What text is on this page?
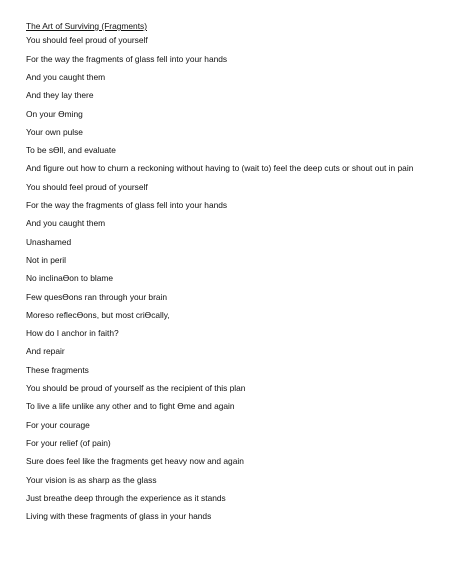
The Art of Surviving (Fragments)
You should feel proud of yourself
For the way the fragments of glass fell into your hands
And you caught them
And they lay there
On your ϴming
Your own pulse
To be sϴll, and evaluate
And figure out how to churn a reckoning without having to (wait to) feel the deep cuts or shout out in pain
You should feel proud of yourself
For the way the fragments of glass fell into your hands
And you caught them
Unashamed
Not in peril
No inclinaϴon to blame
Few quesϴons ran through your brain
Moreso reflecϴons, but most criϴcally,
How do I anchor in faith?
And repair
These fragments
You should be proud of yourself as the recipient of this plan
To live a life unlike any other and to fight ϴme and again
For your courage
For your relief (of pain)
Sure does feel like the fragments get heavy now and again
Your vision is as sharp as the glass
Just breathe deep through the experience as it stands
Living with these fragments of glass in your hands
